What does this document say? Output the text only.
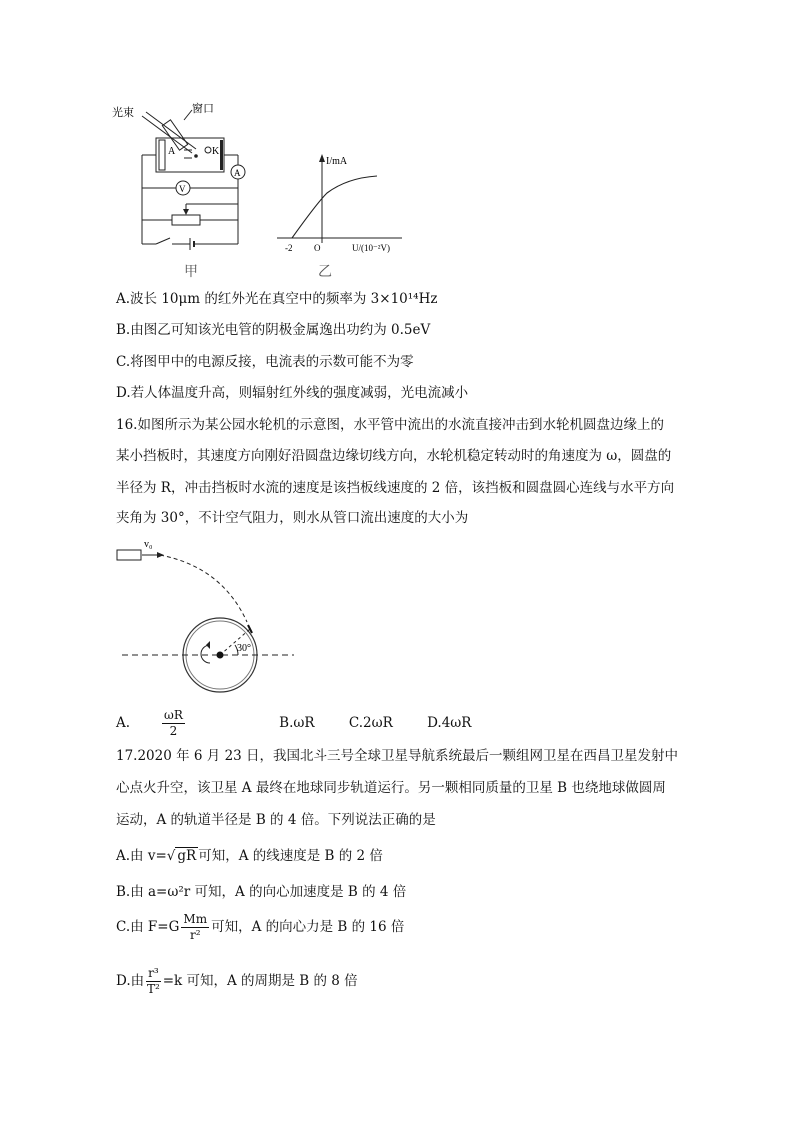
光束	窗口
A	K
A
V
甲
I/mA
O
-2	U/(10⁻²V)
乙
A.波长 10μm 的红外光在真空中的频率为 3×10¹⁴Hz
B.由图乙可知该光电管的阴极金属逸出功约为 0.5eV
C.将图甲中的电源反接，电流表的示数可能不为零
D.若人体温度升高，则辐射红外线的强度减弱，光电流减小
16.如图所示为某公园水轮机的示意图，水平管中流出的水流直接冲击到水轮机圆盘边缘上的
某小挡板时，其速度方向刚好沿圆盘边缘切线方向，水轮机稳定转动时的角速度为 ω，圆盘的
半径为 R，冲击挡板时水流的速度是该挡板线速度的 2 倍，该挡板和圆盘圆心连线与水平方向
夹角为 30°，不计空气阻力，则水从管口流出速度的大小为
v₀
30°
A.	$\frac{\omega R}{2}$	B.ωR	C.2ωR	D.4ωR
17.2020 年 6 月 23 日，我国北斗三号全球卫星导航系统最后一颗组网卫星在西昌卫星发射中
心点火升空，该卫星 A 最终在地球同步轨道运行。另一颗相同质量的卫星 B 也绕地球做圆周
运动，A 的轨道半径是 B 的 4 倍。下列说法正确的是
A.由 v=√ gR 可知，A 的线速度是 B 的 2 倍
B.由 a=ω²r 可知，A 的向心加速度是 B 的 4 倍
C.由 $F=G \frac{Mm}{\text{r²}}$ 可知，A 的向心力是 B 的 16 倍
D.由 $\frac{\text{r³}}{\text{T²}} =k$ 可知，A 的周期是 B 的 8 倍
